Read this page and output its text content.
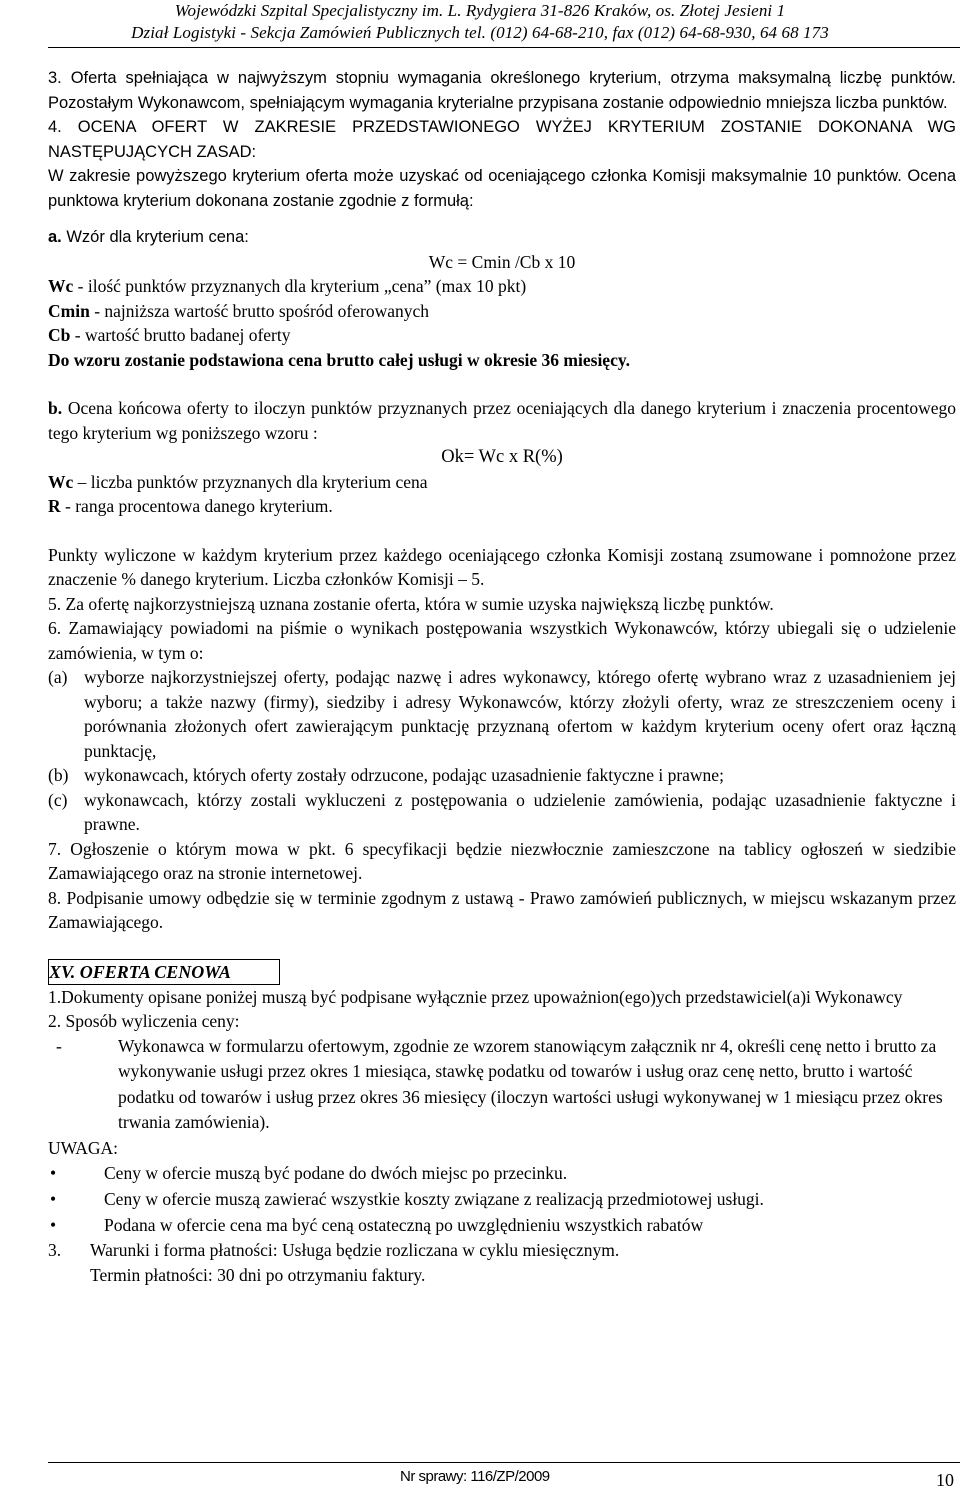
Wojewódzki Szpital Specjalistyczny im. L. Rydygiera 31-826 Kraków, os. Złotej Jesieni 1
Dział Logistyki - Sekcja Zamówień Publicznych tel. (012) 64-68-210, fax (012) 64-68-930, 64 68 173

3. Oferta spełniająca w najwyższym stopniu wymagania określonego kryterium, otrzyma maksymalną liczbę punktów. Pozostałym Wykonawcom, spełniającym wymagania kryterialne przypisana zostanie odpowiednio mniejsza liczba punktów.

4. OCENA OFERT W ZAKRESIE PRZEDSTAWIONEGO WYŻEJ KRYTERIUM ZOSTANIE DOKONANA WG NASTĘPUJĄCYCH ZASAD:

W zakresie powyższego kryterium oferta może uzyskać od oceniającego członka Komisji maksymalnie 10 punktów. Ocena punktowa kryterium dokonana zostanie zgodnie z formułą:

a. Wzór dla kryterium cena:

Wc = Cmin /Cb x 10

Wc - ilość punktów przyznanych dla kryterium „cena” (max 10 pkt)

Cmin - najniższa wartość brutto spośród oferowanych

Cb - wartość brutto badanej oferty

Do wzoru zostanie podstawiona cena brutto całej usługi w okresie 36 miesięcy.

b. Ocena końcowa oferty to iloczyn punktów przyznanych przez oceniających dla danego kryterium i znaczenia procentowego tego kryterium wg poniższego wzoru :

Ok= Wc x R(%)

Wc – liczba punktów przyznanych dla kryterium cena

R - ranga procentowa danego kryterium.

Punkty wyliczone w każdym kryterium przez każdego oceniającego członka Komisji zostaną zsumowane i pomnożone przez znaczenie % danego kryterium. Liczba członków Komisji – 5.

5. Za ofertę najkorzystniejszą uznana zostanie oferta, która w sumie uzyska największą liczbę punktów.

6. Zamawiający powiadomi na piśmie o wynikach postępowania wszystkich Wykonawców, którzy ubiegali się o udzielenie zamówienia, w tym o:

(a) wyborze najkorzystniejszej oferty, podając nazwę i adres wykonawcy, którego ofertę wybrano wraz z uzasadnieniem jej wyboru; a także nazwy (firmy), siedziby i adresy Wykonawców, którzy złożyli oferty, wraz ze streszczeniem oceny i porównania złożonych ofert zawierającym punktację przyznaną ofertom w każdym kryterium oceny ofert oraz łączną punktację,
(b) wykonawcach, których oferty zostały odrzucone, podając uzasadnienie faktyczne i prawne;
(c) wykonawcach, którzy zostali wykluczeni z postępowania o udzielenie zamówienia, podając uzasadnienie faktyczne i prawne.

7. Ogłoszenie o którym mowa w pkt. 6 specyfikacji będzie niezwłocznie zamieszczone na tablicy ogłoszeń w siedzibie Zamawiającego oraz na stronie internetowej.

8. Podpisanie umowy odbędzie się w terminie zgodnym z ustawą - Prawo zamówień publicznych, w miejscu wskazanym przez Zamawiającego.

XV. OFERTA CENOWA

1.Dokumenty opisane poniżej muszą być podpisane wyłącznie przez upoważnion(ego)ych przedstawiciel(a)i Wykonawcy

2. Sposób wyliczenia ceny:

-	Wykonawca w formularzu ofertowym, zgodnie ze wzorem stanowiącym załącznik nr 4, określi cenę netto i brutto za wykonywanie usługi przez okres 1 miesiąca, stawkę podatku od towarów i usług oraz cenę netto, brutto i wartość podatku od towarów i usług przez okres 36 miesięcy (iloczyn wartości usługi wykonywanej w 1 miesiącu przez okres trwania zamówienia).

UWAGA:

•	Ceny w ofercie muszą być podane do dwóch miejsc po przecinku.
•	Ceny w ofercie muszą zawierać wszystkie koszty związane z realizacją przedmiotowej usługi.
•	Podana w ofercie cena ma być ceną ostateczną po uwzględnieniu wszystkich rabatów
3.	Warunki i forma płatności: Usługa będzie rozliczana w cyklu miesięcznym.
Termin płatności: 30 dni po otrzymaniu faktury.
Nr sprawy: 116/ZP/2009	10
